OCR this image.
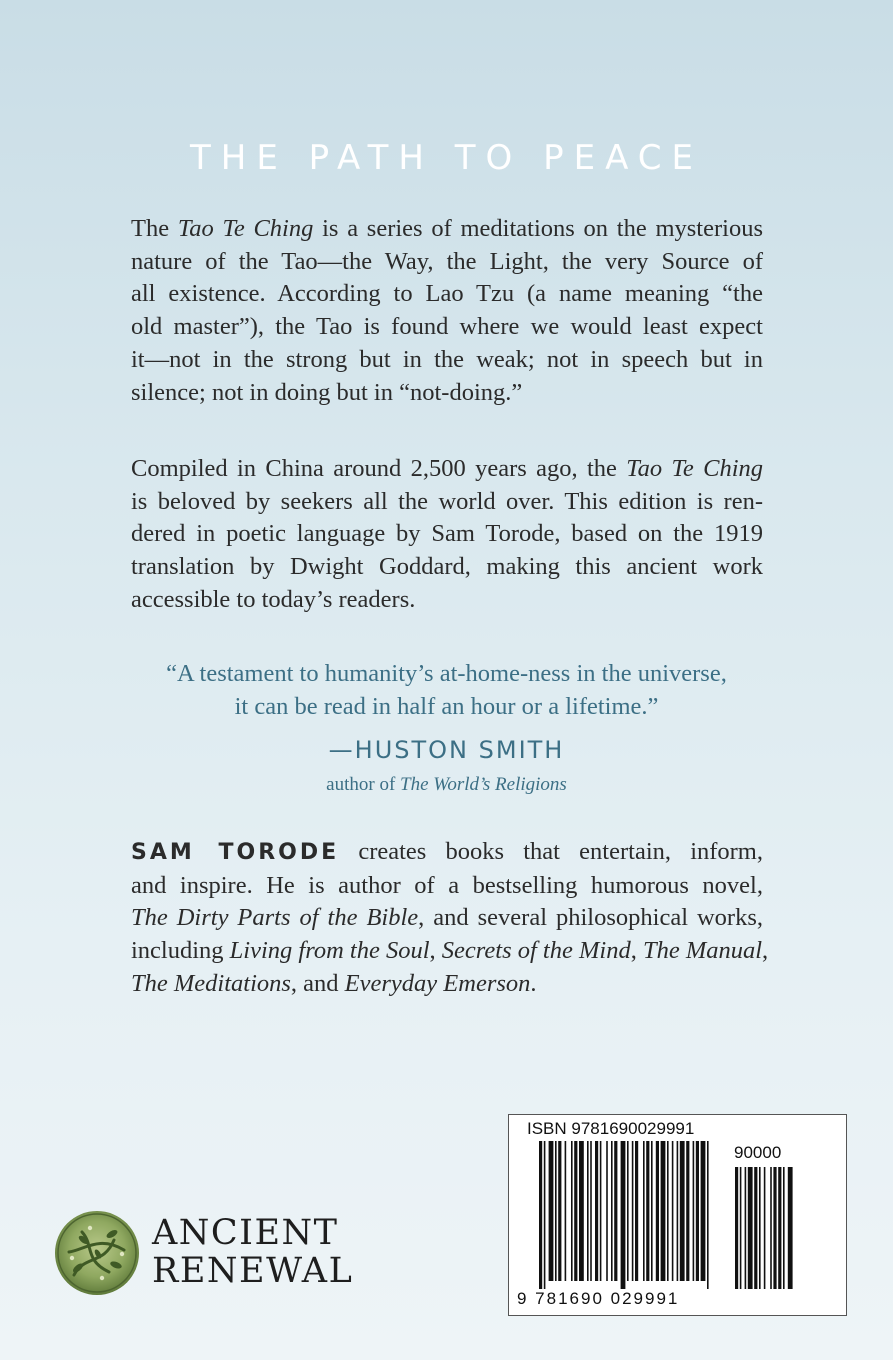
THE PATH TO PEACE
The Tao Te Ching is a series of meditations on the mysterious
nature of the Tao—the Way, the Light, the very Source of
all existence. According to Lao Tzu (a name meaning “the
old master”), the Tao is found where we would least expect
it—not in the strong but in the weak; not in speech but in
silence; not in doing but in “not-doing.”
Compiled in China around 2,500 years ago, the Tao Te Ching
is beloved by seekers all the world over. This edition is ren-
dered in poetic language by Sam Torode, based on the 1919
translation by Dwight Goddard, making this ancient work
accessible to today’s readers.
“A testament to humanity’s at-home-ness in the universe,
it can be read in half an hour or a lifetime.”
—HUSTON SMITH
author of The World’s Religions
SAM TORODE creates books that entertain, inform,
and inspire. He is author of a bestselling humorous novel,
The Dirty Parts of the Bible, and several philosophical works,
including Living from the Soul, Secrets of the Mind, The Manual,
The Meditations, and Everyday Emerson.
ANCIENT
RENEWAL
ISBN 9781690029991
90000
9 781690 029991
